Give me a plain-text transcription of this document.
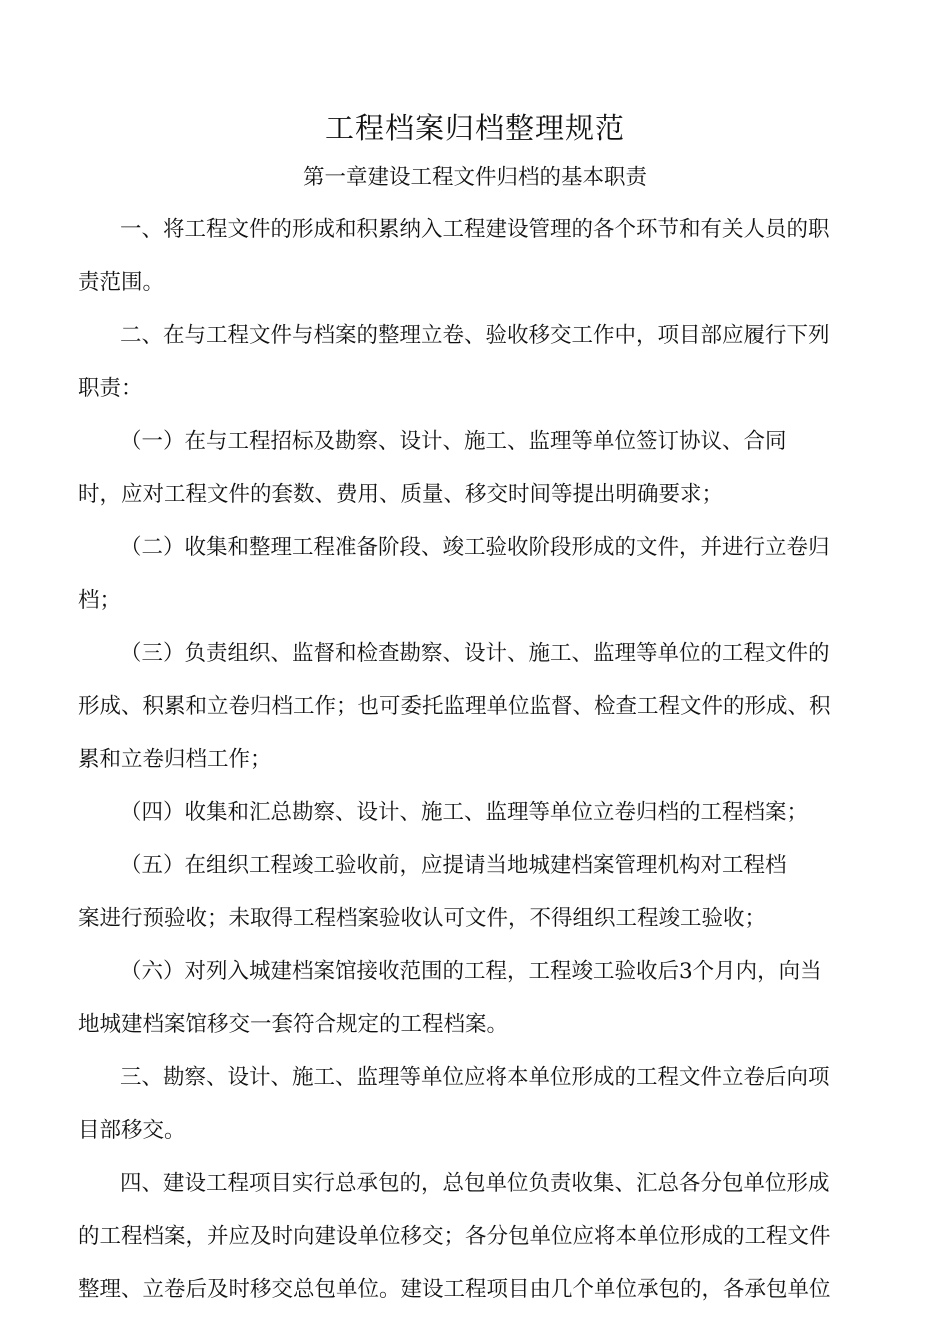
工程档案归档整理规范
第一章建设工程文件归档的基本职责
一、将工程文件的形成和积累纳入工程建设管理的各个环节和有关人员的职
责范围。
二、在与工程文件与档案的整理立卷、验收移交工作中，项目部应履行下列
职责：
（一）在与工程招标及勘察、设计、施工、监理等单位签订协议、合同
时，应对工程文件的套数、费用、质量、移交时间等提出明确要求；
（二）收集和整理工程准备阶段、竣工验收阶段形成的文件，并进行立卷归
档；
（三）负责组织、监督和检查勘察、设计、施工、监理等单位的工程文件的
形成、积累和立卷归档工作；也可委托监理单位监督、检查工程文件的形成、积
累和立卷归档工作；
（四）收集和汇总勘察、设计、施工、监理等单位立卷归档的工程档案；
（五）在组织工程竣工验收前，应提请当地城建档案管理机构对工程档
案进行预验收；未取得工程档案验收认可文件，不得组织工程竣工验收；
（六）对列入城建档案馆接收范围的工程，工程竣工验收后3个月内，向当
地城建档案馆移交一套符合规定的工程档案。
三、勘察、设计、施工、监理等单位应将本单位形成的工程文件立卷后向项
目部移交。
四、建设工程项目实行总承包的，总包单位负责收集、汇总各分包单位形成
的工程档案，并应及时向建设单位移交；各分包单位应将本单位形成的工程文件
整理、立卷后及时移交总包单位。建设工程项目由几个单位承包的，各承包单位
